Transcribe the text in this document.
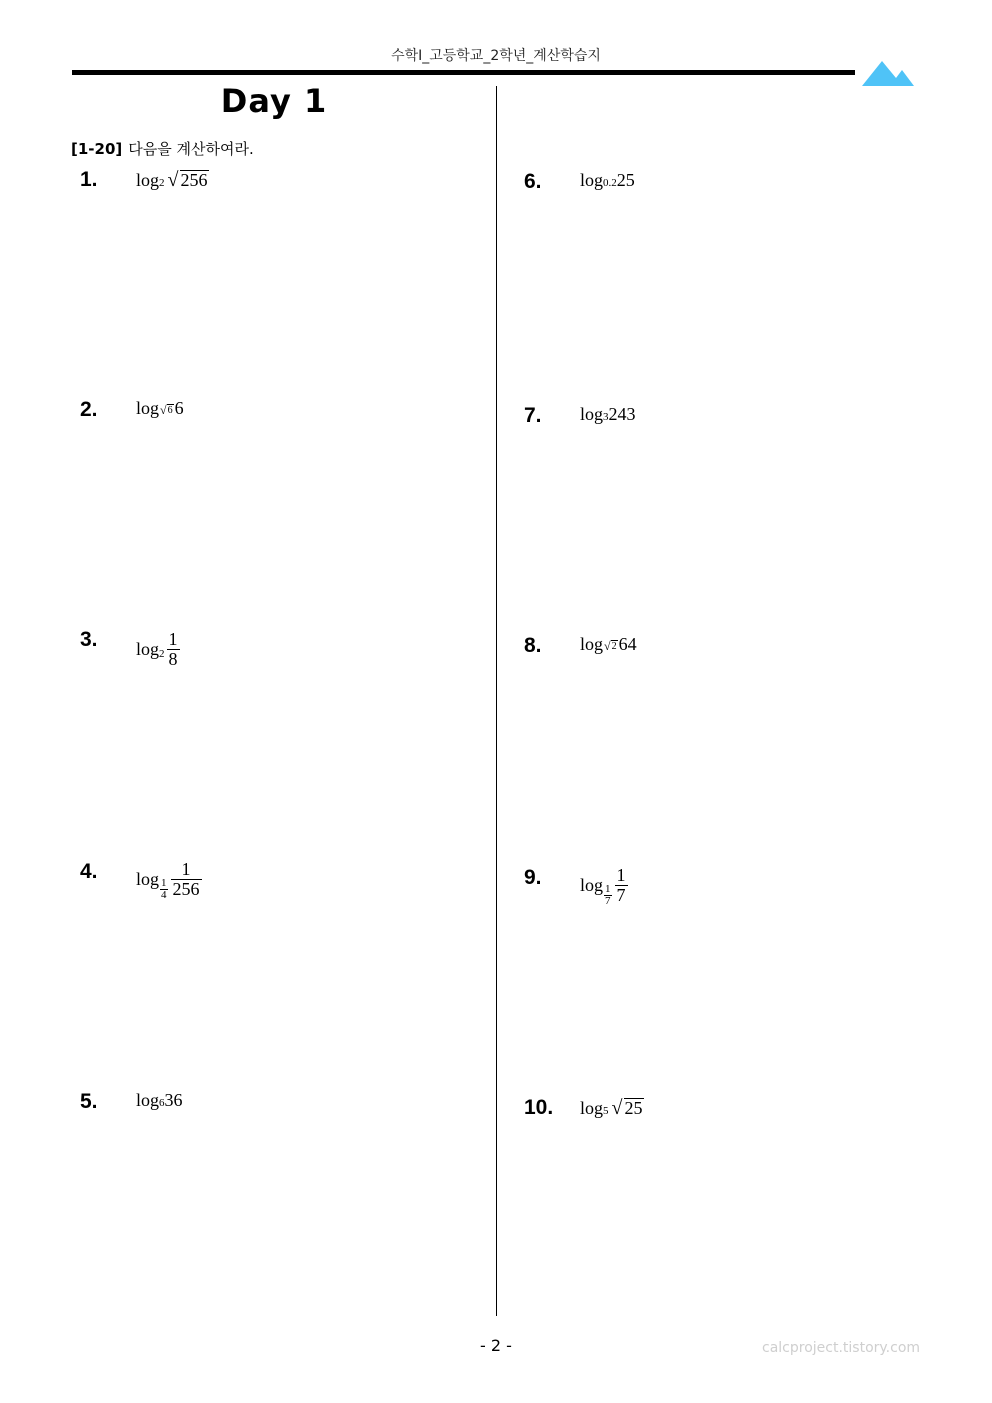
수학I_고등학교_2학년_계산학습지
Day 1
[1-20] 다음을 계산하여라.
1. log 2 √ 256
2. log √ 6 6
3. $\log 2 \frac{1}{8}$
4. $\log \frac{1}{4} \frac{1}{256}$
5. log 6 36
6. log 0.2 25
7. log 3 243
8. log √ 2 64
9. $\log \frac{1}{7} \frac{1}{7}$
10. log 5 √ 25
- 2 -	calcproject.tistory.com
